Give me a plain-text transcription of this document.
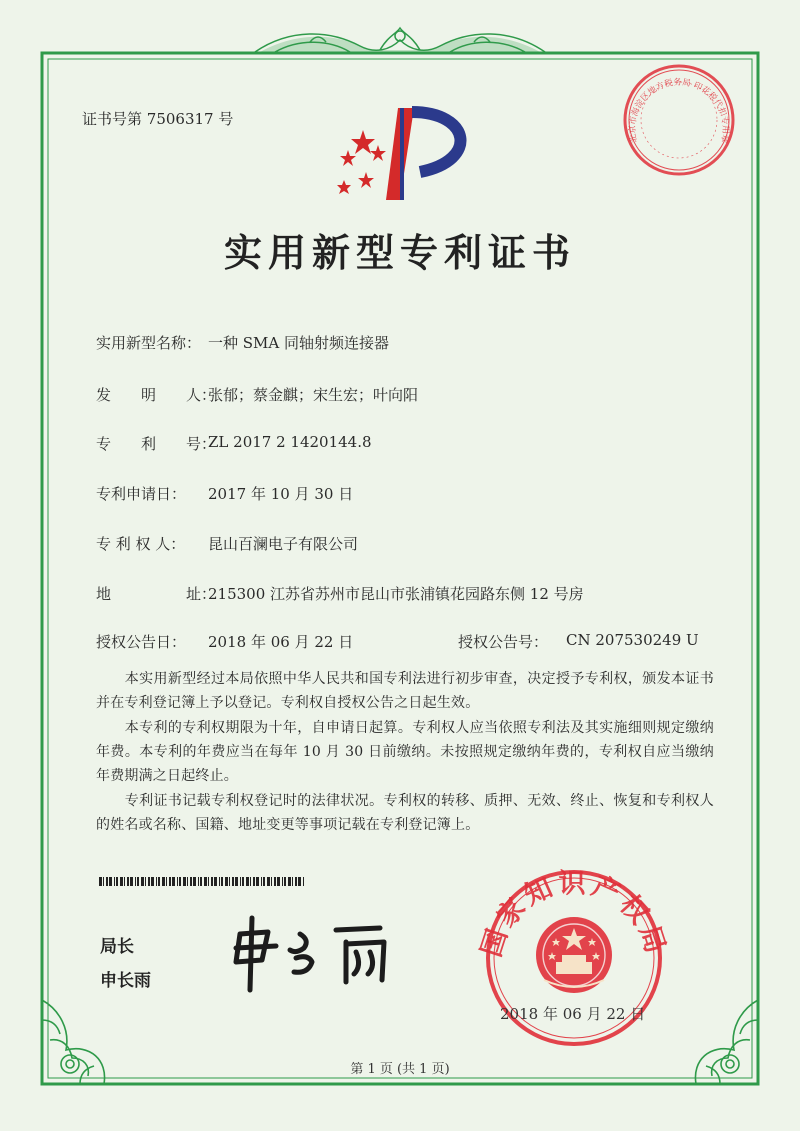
北京市海淀区地方税务局 印花税代扣专用章
国家知识产权局
证书号第 7506317 号
实用新型专利证书
实用新型名称： 一种 SMA 同轴射频连接器
发　　明　　人：
张郁；蔡金麒；宋生宏；叶向阳
专　　利　　号：
ZL 2017 2 1420144.8
专利申请日： 2017 年 10 月 30 日
专 利 权 人： 昆山百澜电子有限公司
地　　　　　址：
215300 江苏省苏州市昆山市张浦镇花园路东侧 12 号房
授权公告日： 2018 年 06 月 22 日	授权公告号： CN 207530249 U
　　本实用新型经过本局依照中华人民共和国专利法进行初步审查，决定授予专利权，颁发本证书并在专利登记簿上予以登记。专利权自授权公告之日起生效。
　　本专利的专利权期限为十年，自申请日起算。专利权人应当依照专利法及其实施细则规定缴纳年费。本专利的年费应当在每年 10 月 30 日前缴纳。未按照规定缴纳年费的，专利权自应当缴纳年费期满之日起终止。
　　专利证书记载专利权登记时的法律状况。专利权的转移、质押、无效、终止、恢复和专利权人的姓名或名称、国籍、地址变更等事项记载在专利登记簿上。
局长
申长雨
2018 年 06 月 22 日
第 1 页 (共 1 页)
